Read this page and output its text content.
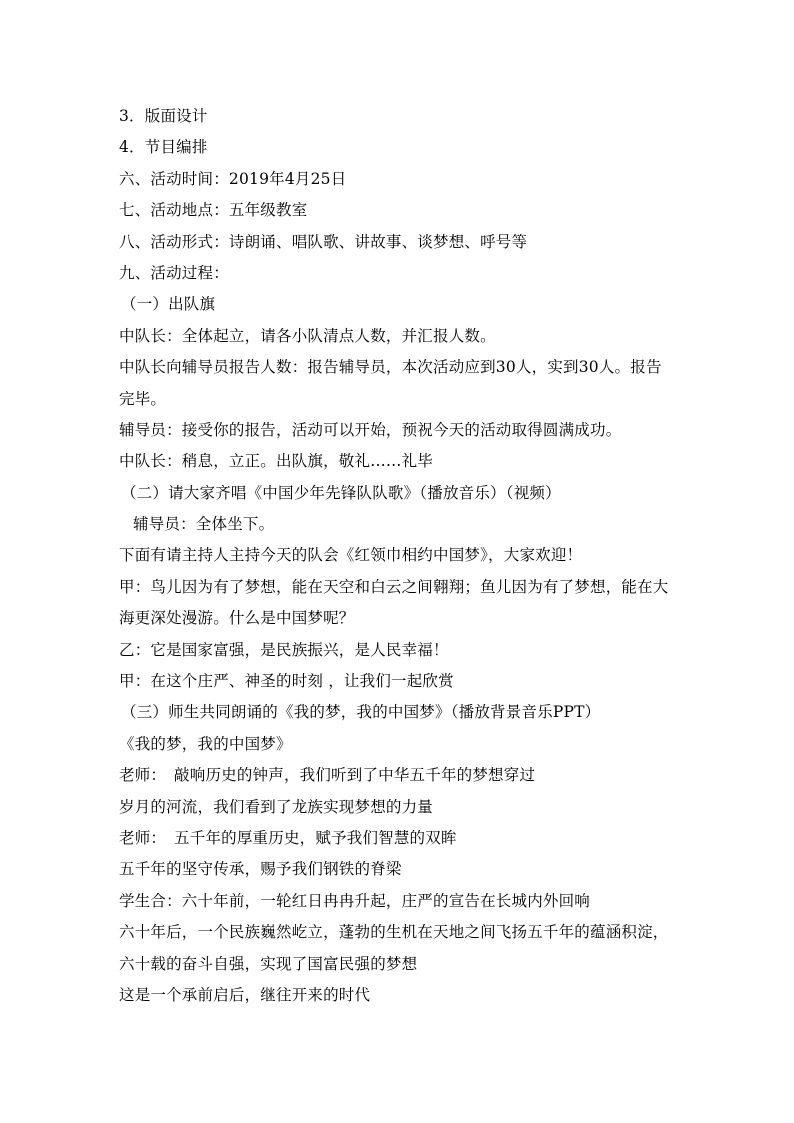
3．版面设计
4．节目编排
六、活动时间：2019年4月25日
七、活动地点：五年级教室
八、活动形式：诗朗诵、唱队歌、讲故事、谈梦想、呼号等
九、活动过程：
（一）出队旗
中队长：全体起立，请各小队清点人数，并汇报人数。
中队长向辅导员报告人数：报告辅导员，本次活动应到30人，实到30人。报告
完毕。
辅导员：接受你的报告，活动可以开始，预祝今天的活动取得圆满成功。
中队长：稍息，立正。出队旗，敬礼……礼毕
（二）请大家齐唱《中国少年先锋队队歌》（播放音乐）（视频）
辅导员：全体坐下。
下面有请主持人主持今天的队会《红领巾相约中国梦》，大家欢迎！
甲：鸟儿因为有了梦想，能在天空和白云之间翱翔；鱼儿因为有了梦想，能在大
海更深处漫游。什么是中国梦呢？
乙：它是国家富强，是民族振兴，是人民幸福！
甲：在这个庄严、神圣的时刻 ，让我们一起欣赏
（三）师生共同朗诵的《我的梦，我的中国梦》（播放背景音乐PPT）
《我的梦，我的中国梦》
老师：　敲响历史的钟声，我们听到了中华五千年的梦想穿过
岁月的河流，我们看到了龙族实现梦想的力量
老师：　五千年的厚重历史，赋予我们智慧的双眸
五千年的坚守传承，赐予我们钢铁的脊梁
学生合：六十年前，一轮红日冉冉升起，庄严的宣告在长城内外回响
六十年后，一个民族巍然屹立，蓬勃的生机在天地之间飞扬五千年的蕴涵积淀，
六十载的奋斗自强，实现了国富民强的梦想
这是一个承前启后，继往开来的时代
